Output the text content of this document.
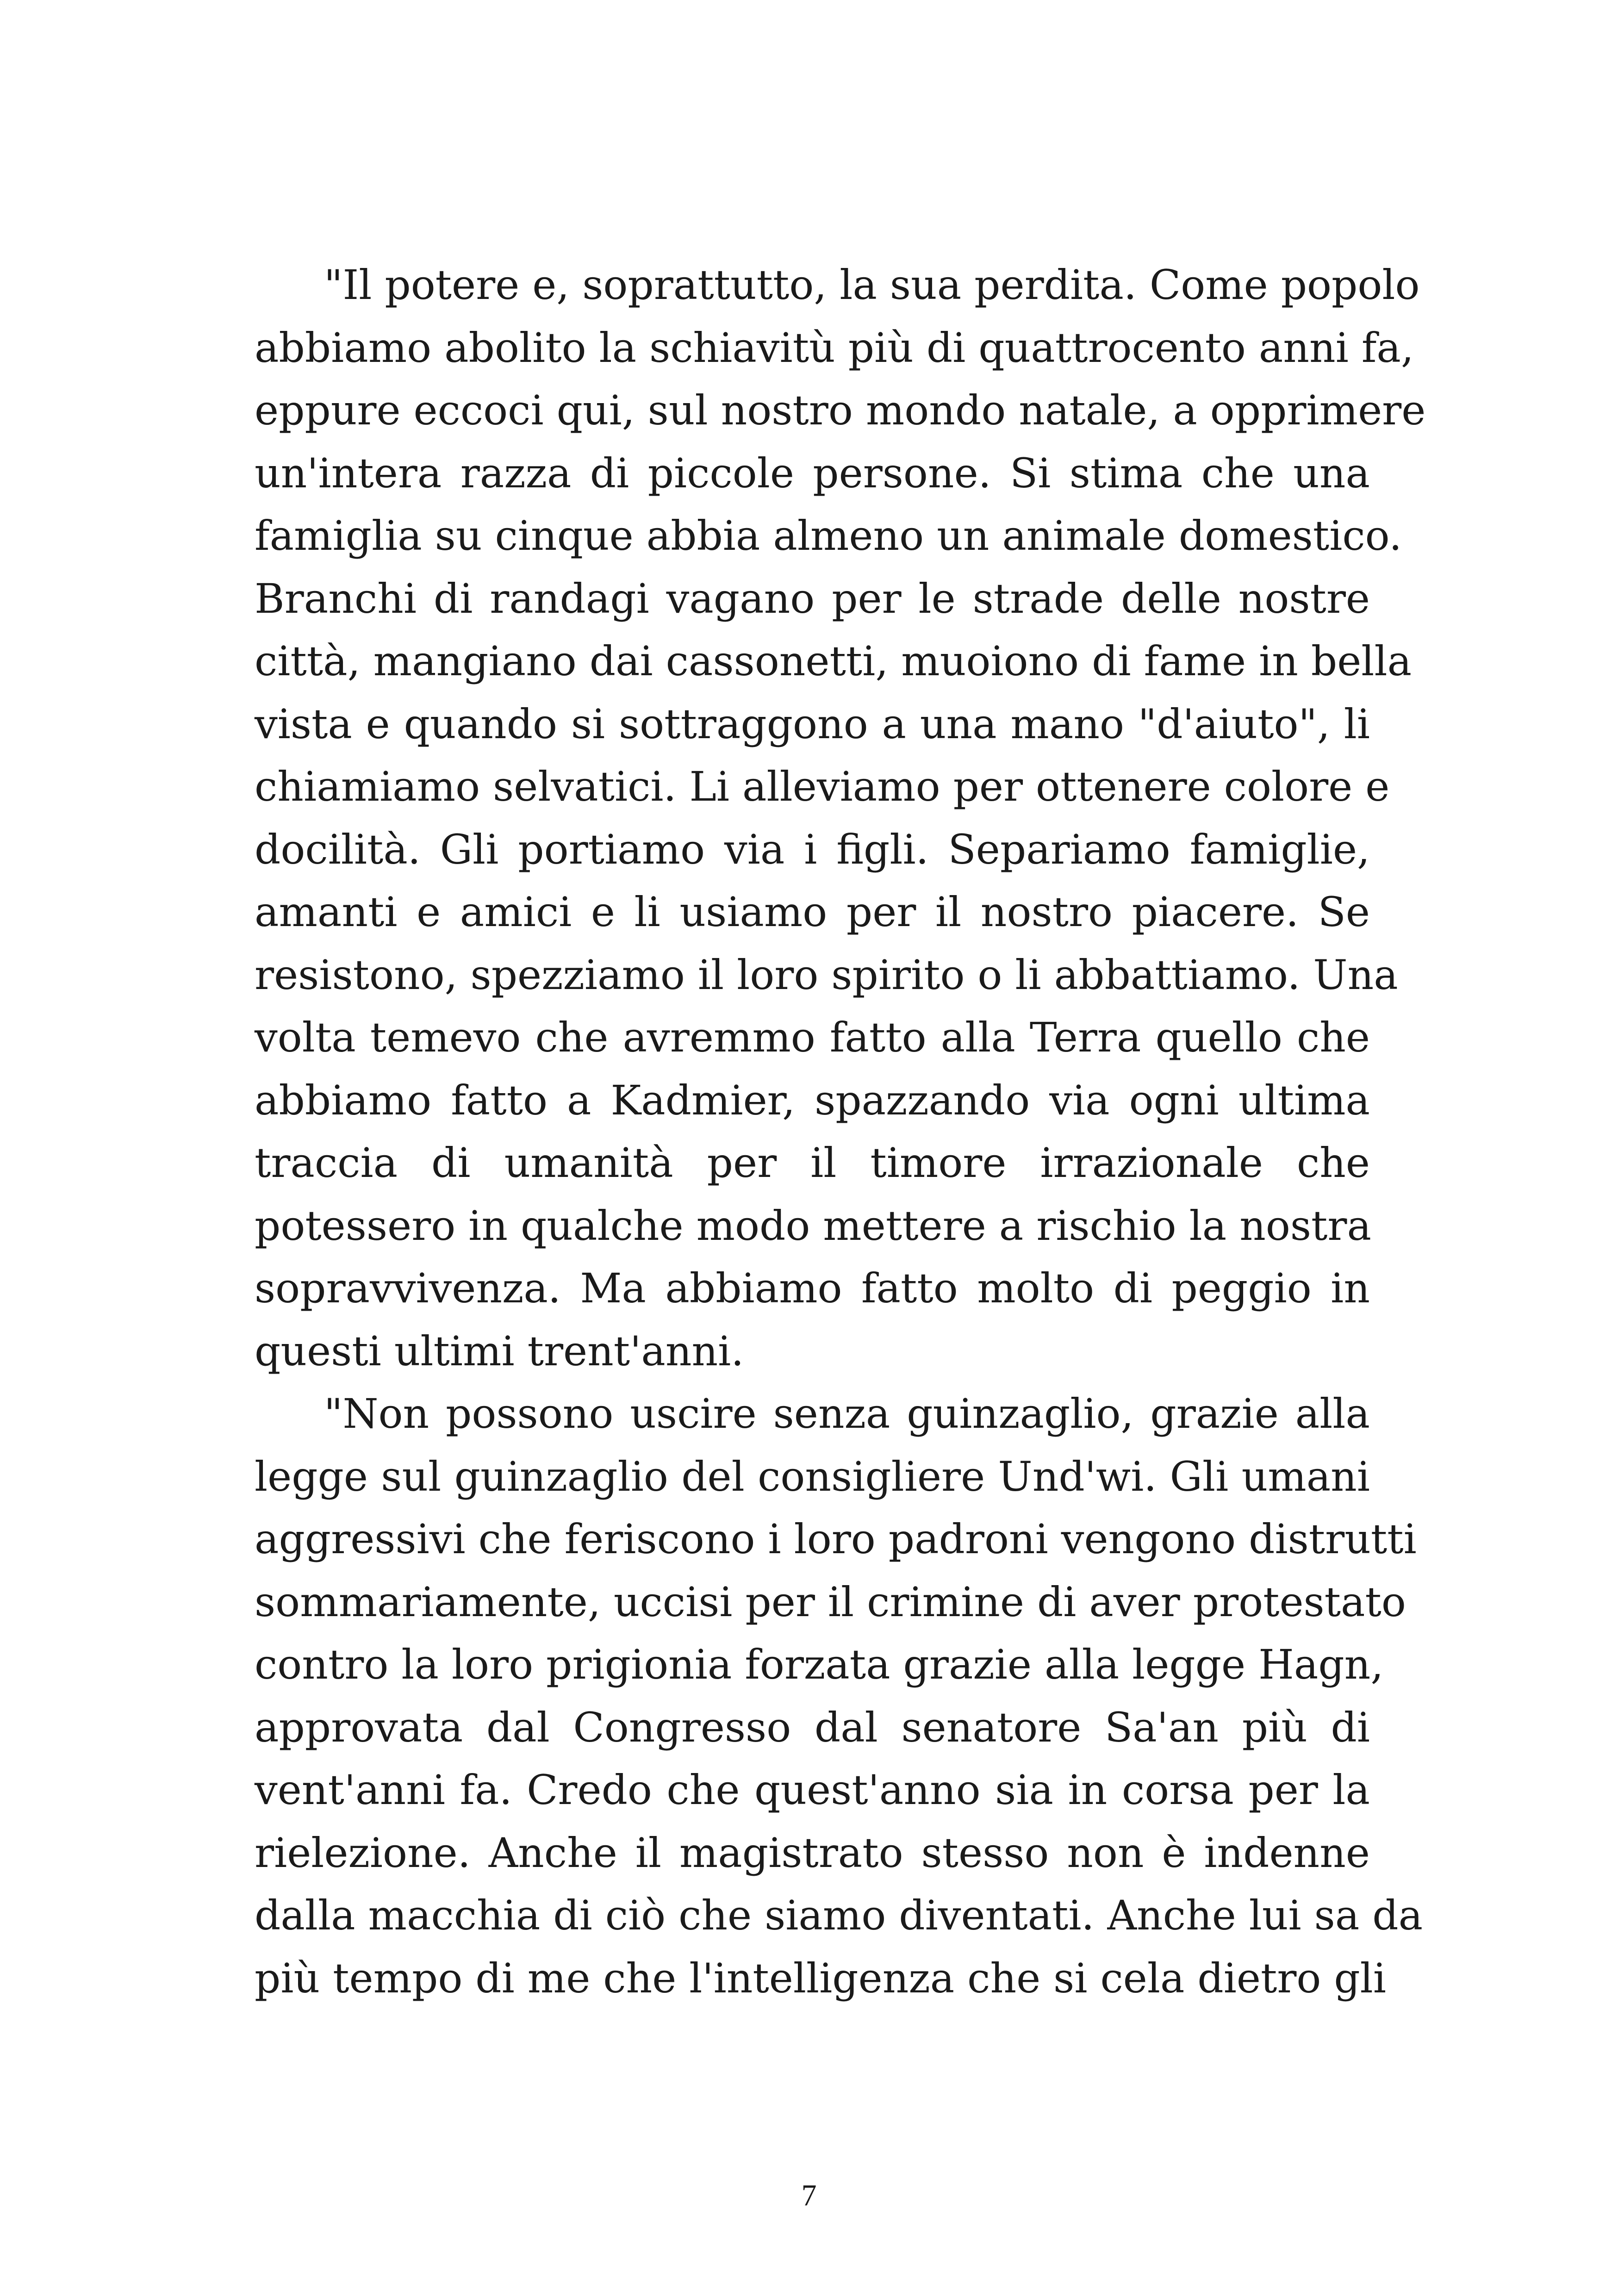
"Il potere e, soprattutto, la sua perdita. Come popolo
abbiamo abolito la schiavitù più di quattrocento anni fa,
eppure eccoci qui, sul nostro mondo natale, a opprimere
un'intera razza di piccole persone. Si stima che una
famiglia su cinque abbia almeno un animale domestico.
Branchi di randagi vagano per le strade delle nostre
città, mangiano dai cassonetti, muoiono di fame in bella
vista e quando si sottraggono a una mano "d'aiuto", li
chiamiamo selvatici. Li alleviamo per ottenere colore e
docilità. Gli portiamo via i figli. Separiamo famiglie,
amanti e amici e li usiamo per il nostro piacere. Se
resistono, spezziamo il loro spirito o li abbattiamo. Una
volta temevo che avremmo fatto alla Terra quello che
abbiamo fatto a Kadmier, spazzando via ogni ultima
traccia di umanità per il timore irrazionale che
potessero in qualche modo mettere a rischio la nostra
sopravvivenza. Ma abbiamo fatto molto di peggio in
questi ultimi trent'anni.
"Non possono uscire senza guinzaglio, grazie alla
legge sul guinzaglio del consigliere Und'wi. Gli umani
aggressivi che feriscono i loro padroni vengono distrutti
sommariamente, uccisi per il crimine di aver protestato
contro la loro prigionia forzata grazie alla legge Hagn,
approvata dal Congresso dal senatore Sa'an più di
vent'anni fa. Credo che quest'anno sia in corsa per la
rielezione. Anche il magistrato stesso non è indenne
dalla macchia di ciò che siamo diventati. Anche lui sa da
più tempo di me che l'intelligenza che si cela dietro gli
7
